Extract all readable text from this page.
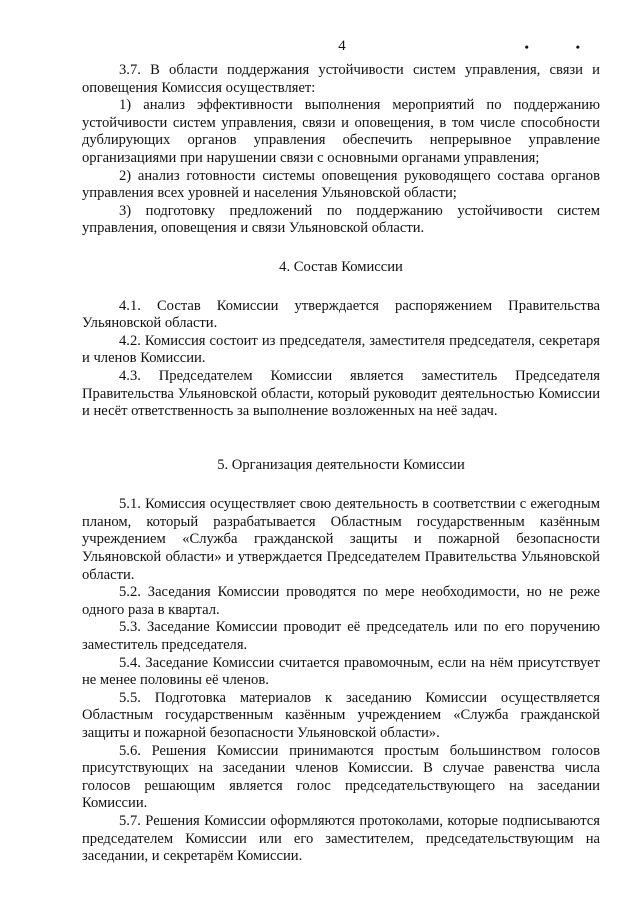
4	• •

3.7. В области поддержания устойчивости систем управления, связи и оповещения Комиссия осуществляет:

1) анализ эффективности выполнения мероприятий по поддержанию устойчивости систем управления, связи и оповещения, в том числе способности дублирующих органов управления обеспечить непрерывное управление организациями при нарушении связи с основными органами управления;

2) анализ готовности системы оповещения руководящего состава органов управления всех уровней и населения Ульяновской области;

3) подготовку предложений по поддержанию устойчивости систем управления, оповещения и связи Ульяновской области.

4. Состав Комиссии

4.1. Состав Комиссии утверждается распоряжением Правительства Ульяновской области.

4.2. Комиссия состоит из председателя, заместителя председателя, секретаря и членов Комиссии.

4.3. Председателем Комиссии является заместитель Председателя Правительства Ульяновской области, который руководит деятельностью Комиссии и несёт ответственность за выполнение возложенных на неё задач.

5. Организация деятельности Комиссии

5.1. Комиссия осуществляет свою деятельность в соответствии с ежегодным планом, который разрабатывается Областным государственным казённым учреждением «Служба гражданской защиты и пожарной безопасности Ульяновской области» и утверждается Председателем Правительства Ульяновской области.

5.2. Заседания Комиссии проводятся по мере необходимости, но не реже одного раза в квартал.

5.3. Заседание Комиссии проводит её председатель или по его поручению заместитель председателя.

5.4. Заседание Комиссии считается правомочным, если на нём присутствует не менее половины её членов.

5.5. Подготовка материалов к заседанию Комиссии осуществляется Областным государственным казённым учреждением «Служба гражданской защиты и пожарной безопасности Ульяновской области».

5.6. Решения Комиссии принимаются простым большинством голосов присутствующих на заседании членов Комиссии. В случае равенства числа голосов решающим является голос председательствующего на заседании Комиссии.

5.7. Решения Комиссии оформляются протоколами, которые подписываются председателем Комиссии или его заместителем, председательствующим на заседании, и секретарём Комиссии.
